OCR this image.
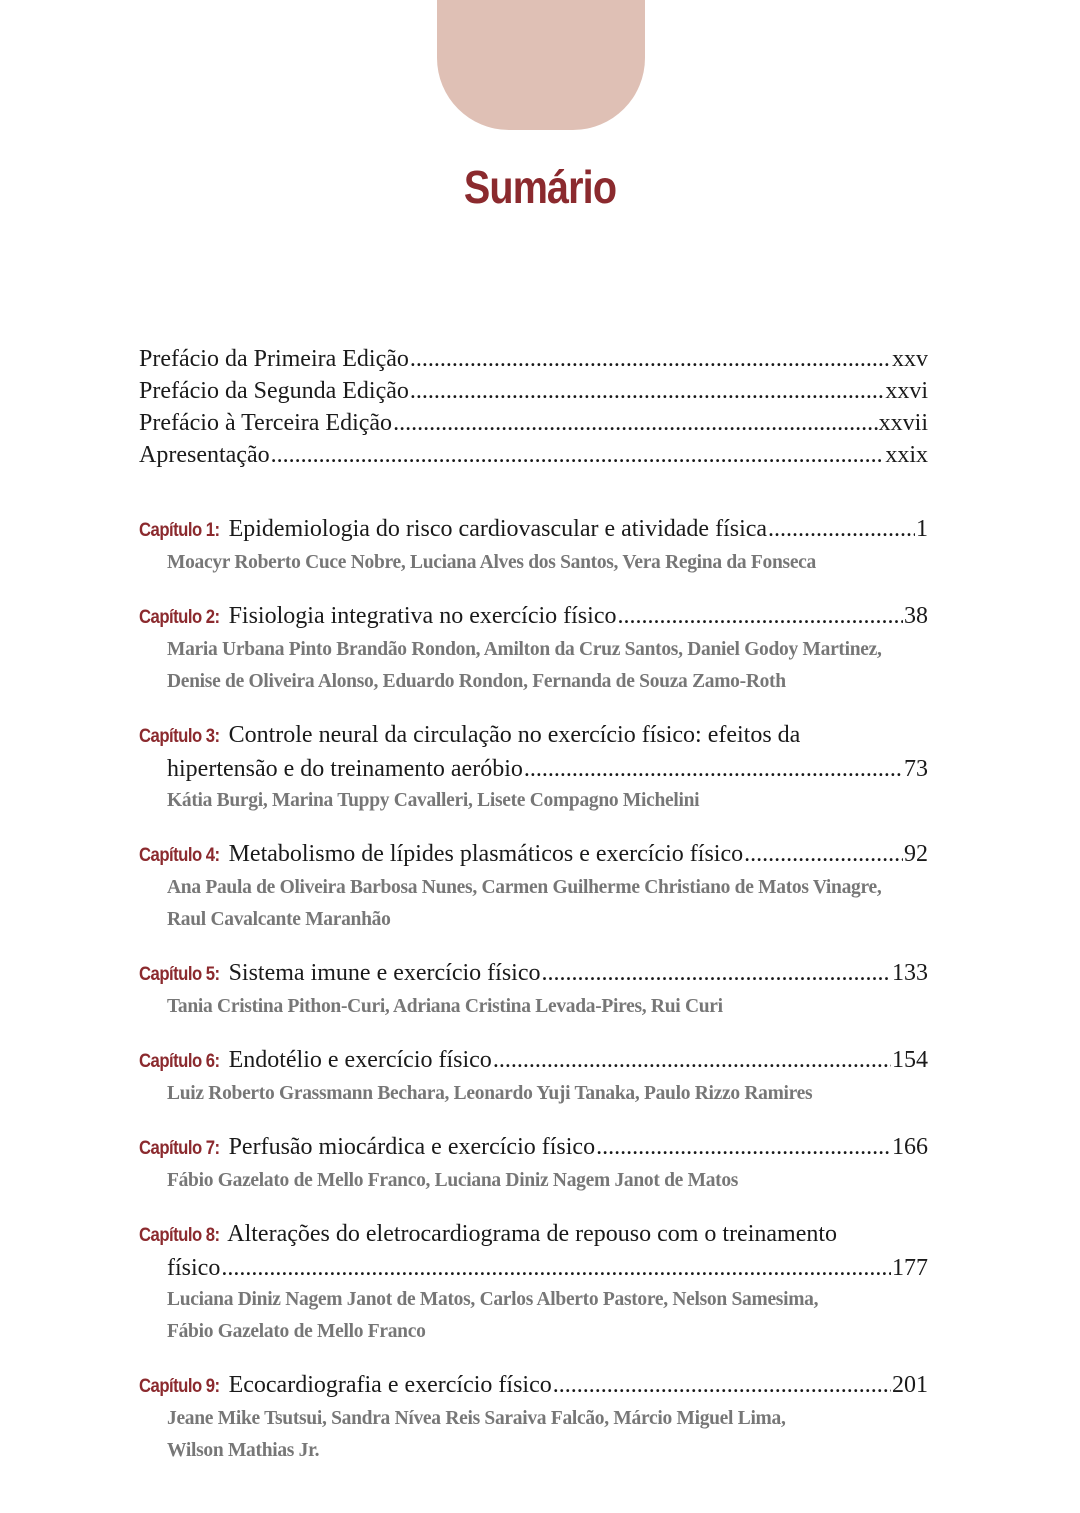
Sumário
Prefácio da Primeira Edição .....	xxv
Prefácio da Segunda Edição .....	xxvi
Prefácio à Terceira Edição .....	xxvii
Apresentação .....	xxix
Capítulo 1: Epidemiologia do risco cardiovascular e atividade física .....	1
Moacyr Roberto Cuce Nobre, Luciana Alves dos Santos, Vera Regina da Fonseca
Capítulo 2: Fisiologia integrativa no exercício físico .....	38
Maria Urbana Pinto Brandão Rondon, Amilton da Cruz Santos, Daniel Godoy Martinez,
Denise de Oliveira Alonso, Eduardo Rondon, Fernanda de Souza Zamo-Roth
Capítulo 3: Controle neural da circulação no exercício físico: efeitos da
hipertensão e do treinamento aeróbio .....	73
Kátia Burgi, Marina Tuppy Cavalleri, Lisete Compagno Michelini
Capítulo 4: Metabolismo de lípides plasmáticos e exercício físico .....	92
Ana Paula de Oliveira Barbosa Nunes, Carmen Guilherme Christiano de Matos Vinagre,
Raul Cavalcante Maranhão
Capítulo 5: Sistema imune e exercício físico .....	133
Tania Cristina Pithon-Curi, Adriana Cristina Levada-Pires, Rui Curi
Capítulo 6: Endotélio e exercício físico .....	154
Luiz Roberto Grassmann Bechara, Leonardo Yuji Tanaka, Paulo Rizzo Ramires
Capítulo 7: Perfusão miocárdica e exercício físico .....	166
Fábio Gazelato de Mello Franco, Luciana Diniz Nagem Janot de Matos
Capítulo 8: Alterações do eletrocardiograma de repouso com o treinamento
físico .....	177
Luciana Diniz Nagem Janot de Matos, Carlos Alberto Pastore, Nelson Samesima,
Fábio Gazelato de Mello Franco
Capítulo 9: Ecocardiografia e exercício físico .....	201
Jeane Mike Tsutsui, Sandra Nívea Reis Saraiva Falcão, Márcio Miguel Lima,
Wilson Mathias Jr.
